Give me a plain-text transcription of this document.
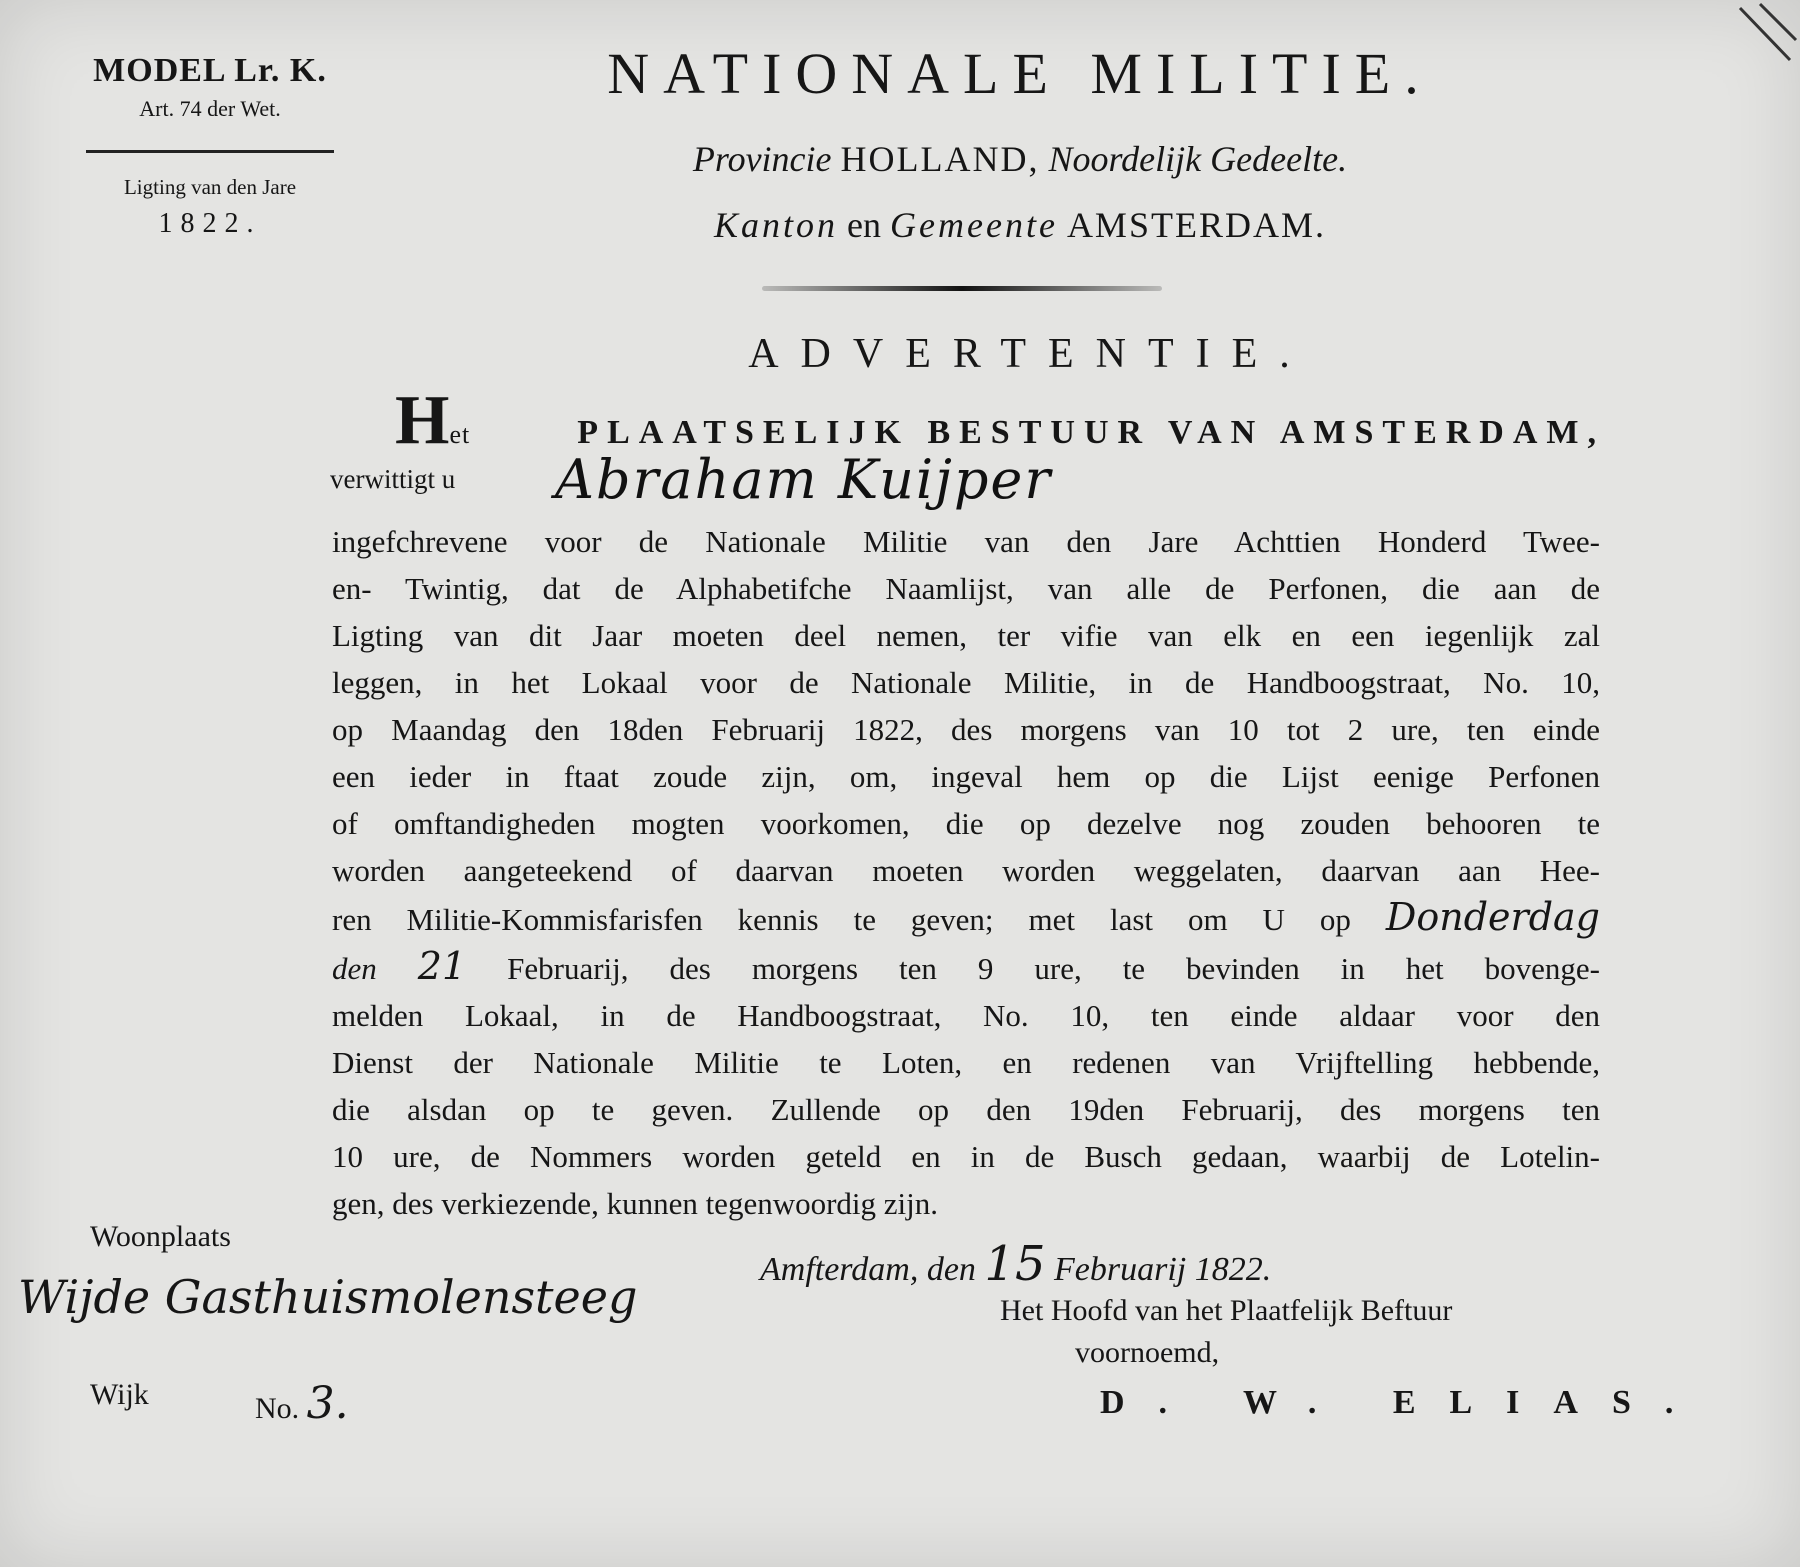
MODEL Lr. K.
Art. 74 der Wet.
Ligting van den Jare
1822.
NATIONALE MILITIE.
Provincie HOLLAND, Noordelijk Gedeelte.
Kanton en Gemeente AMSTERDAM.
ADVERTENTIE.
H et	PLAATSELIJK BESTUUR VAN AMSTERDAM,
verwittigt u Abraham Kuijper
ingefchrevene voor de Nationale Militie van den Jare Achttien Honderd Twee-
en- Twintig, dat de Alphabetifche Naamlijst, van alle de Perfonen, die aan de
Ligting van dit Jaar moeten deel nemen, ter vifie van elk en een iegenlijk zal
leggen, in het Lokaal voor de Nationale Militie, in de Handboogstraat, No. 10,
op Maandag den 18den Februarij 1822, des morgens van 10 tot 2 ure, ten einde
een ieder in ftaat zoude zijn, om, ingeval hem op die Lijst eenige Perfonen
of omftandigheden mogten voorkomen, die op dezelve nog zouden behooren te
worden aangeteekend of daarvan moeten worden weggelaten, daarvan aan Hee-
ren Militie-Kommisfarisfen kennis te geven; met last om U op Donderdag
den 21 Februarij, des morgens ten 9 ure, te bevinden in het bovenge-
melden Lokaal, in de Handboogstraat, No. 10, ten einde aldaar voor den
Dienst der Nationale Militie te Loten, en redenen van Vrijftelling hebbende,
die alsdan op te geven. Zullende op den 19den Februarij, des morgens ten
10 ure, de Nommers worden geteld en in de Busch gedaan, waarbij de Lotelin-
gen, des verkiezende, kunnen tegenwoordig zijn.
Woonplaats
Wijde Gasthuismolensteeg
Wijk	No. 3.
Amfterdam, den 15 Februarij 1822.
Het Hoofd van het Plaatfelijk Beftuur
voornoemd,
D. W. ELIAS.
